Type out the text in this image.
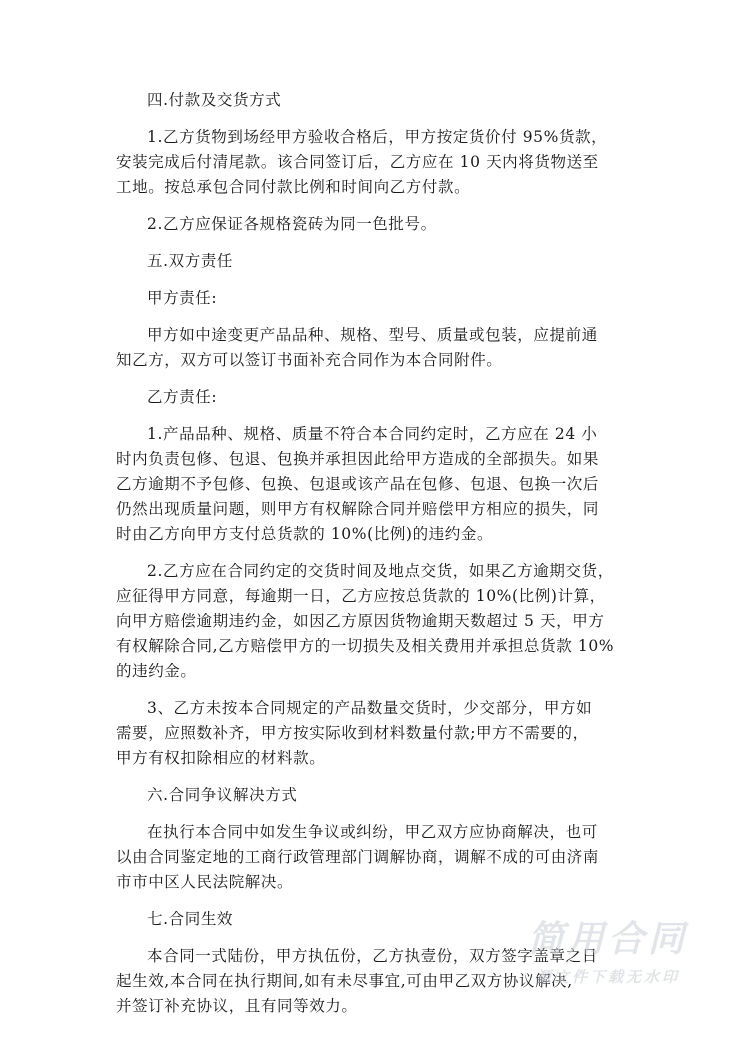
四.付款及交货方式

1.乙方货物到场经甲方验收合格后，甲方按定货价付 95%货款，
安装完成后付清尾款。该合同签订后，乙方应在 10 天内将货物送至
工地。按总承包合同付款比例和时间向乙方付款。

2.乙方应保证各规格瓷砖为同一色批号。

五.双方责任

甲方责任:

甲方如中途变更产品品种、规格、型号、质量或包装，应提前通
知乙方，双方可以签订书面补充合同作为本合同附件。

乙方责任:

1.产品品种、规格、质量不符合本合同约定时，乙方应在 24 小
时内负责包修、包退、包换并承担因此给甲方造成的全部损失。如果
乙方逾期不予包修、包换、包退或该产品在包修、包退、包换一次后
仍然出现质量问题，则甲方有权解除合同并赔偿甲方相应的损失，同
时由乙方向甲方支付总货款的 10%(比例)的违约金。

2.乙方应在合同约定的交货时间及地点交货，如果乙方逾期交货，
应征得甲方同意，每逾期一日，乙方应按总货款的 10%(比例)计算，
向甲方赔偿逾期违约金，如因乙方原因货物逾期天数超过 5 天，甲方
有权解除合同,乙方赔偿甲方的一切损失及相关费用并承担总货款 10%
的违约金。

3、乙方未按本合同规定的产品数量交货时，少交部分，甲方如
需要，应照数补齐，甲方按实际收到材料数量付款;甲方不需要的，
甲方有权扣除相应的材料款。

六.合同争议解决方式

在执行本合同中如发生争议或纠纷，甲乙双方应协商解决，也可
以由合同鉴定地的工商行政管理部门调解协商，调解不成的可由济南
市市中区人民法院解决。

七.合同生效

本合同一式陆份，甲方执伍份，乙方执壹份，双方签字盖章之日
起生效,本合同在执行期间,如有未尽事宜,可由甲乙双方协议解决,
并签订补充协议，且有同等效力。

简用合同
源文件下载无水印
